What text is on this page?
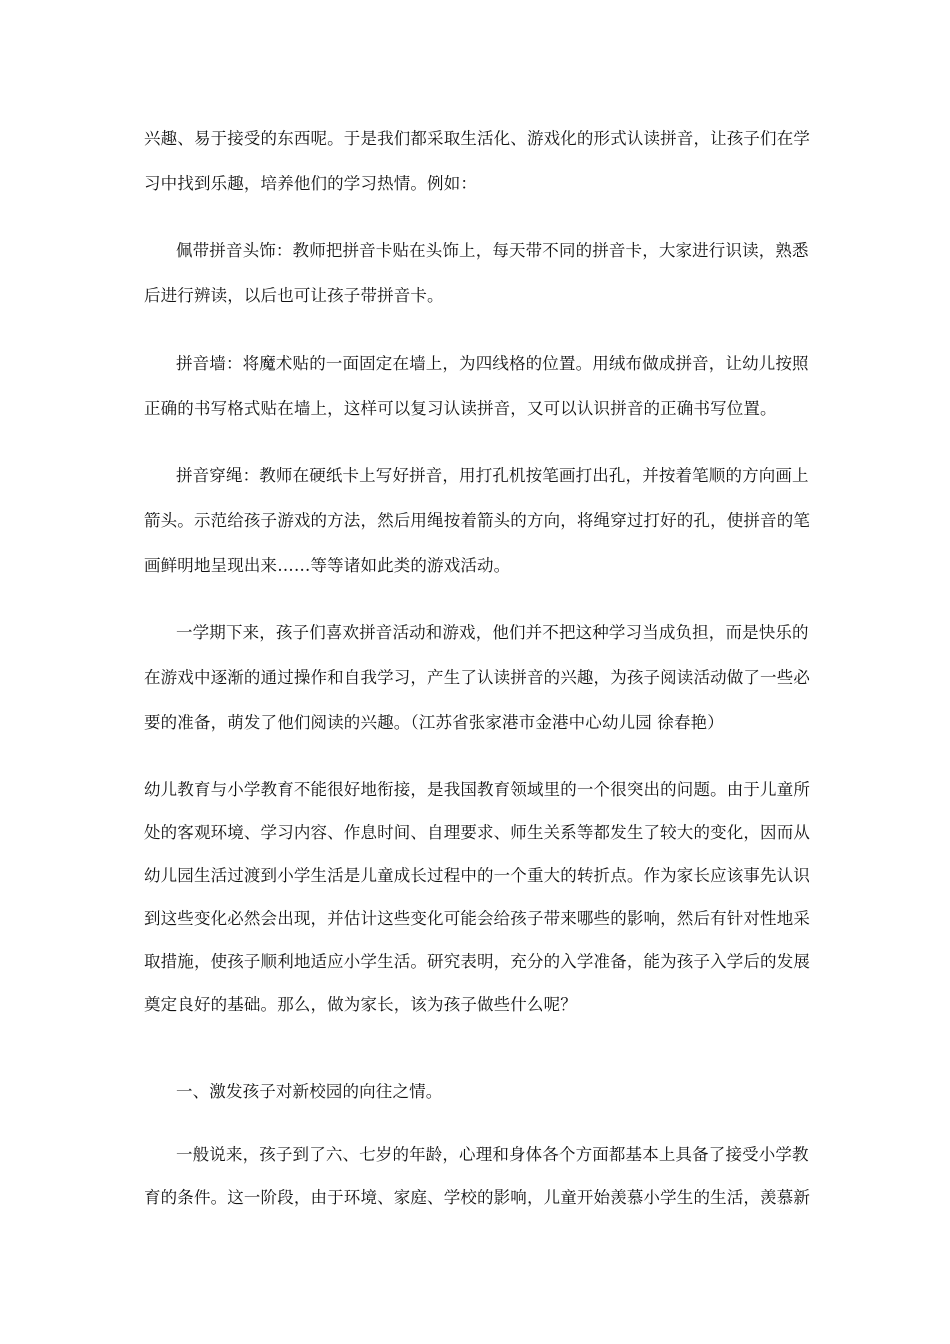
兴趣、易于接受的东西呢。于是我们都采取生活化、游戏化的形式认读拼音，让孩子们在学
习中找到乐趣，培养他们的学习热情。例如：
佩带拼音头饰：教师把拼音卡贴在头饰上，每天带不同的拼音卡，大家进行识读，熟悉
后进行辨读，以后也可让孩子带拼音卡。
拼音墙：将魔术贴的一面固定在墙上，为四线格的位置。用绒布做成拼音，让幼儿按照
正确的书写格式贴在墙上，这样可以复习认读拼音，又可以认识拼音的正确书写位置。
拼音穿绳：教师在硬纸卡上写好拼音，用打孔机按笔画打出孔，并按着笔顺的方向画上
箭头。示范给孩子游戏的方法，然后用绳按着箭头的方向，将绳穿过打好的孔，使拼音的笔
画鲜明地呈现出来……等等诸如此类的游戏活动。
一学期下来，孩子们喜欢拼音活动和游戏，他们并不把这种学习当成负担，而是快乐的
在游戏中逐渐的通过操作和自我学习，产生了认读拼音的兴趣，为孩子阅读活动做了一些必
要的准备，萌发了他们阅读的兴趣。（江苏省张家港市金港中心幼儿园 徐春艳）
幼儿教育与小学教育不能很好地衔接，是我国教育领域里的一个很突出的问题。由于儿童所
处的客观环境、学习内容、作息时间、自理要求、师生关系等都发生了较大的变化，因而从
幼儿园生活过渡到小学生活是儿童成长过程中的一个重大的转折点。作为家长应该事先认识
到这些变化必然会出现，并估计这些变化可能会给孩子带来哪些的影响，然后有针对性地采
取措施，使孩子顺利地适应小学生活。研究表明，充分的入学准备，能为孩子入学后的发展
奠定良好的基础。那么，做为家长，该为孩子做些什么呢？
一、激发孩子对新校园的向往之情。
一般说来，孩子到了六、七岁的年龄，心理和身体各个方面都基本上具备了接受小学教
育的条件。这一阶段，由于环境、家庭、学校的影响，儿童开始羡慕小学生的生活，羡慕新
